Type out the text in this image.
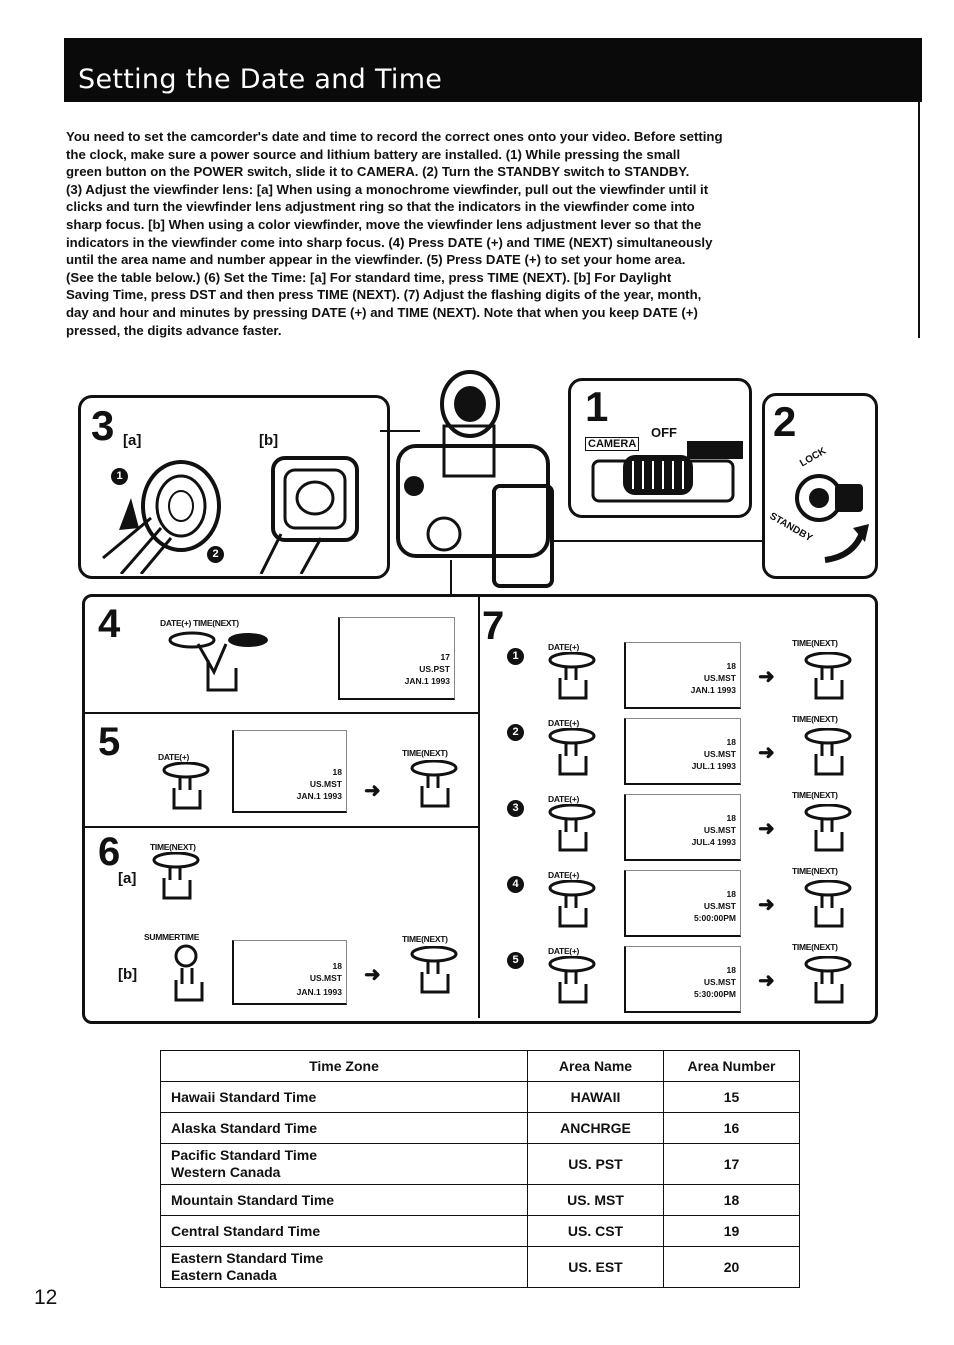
Setting the Date and Time
You need to set the camcorder's date and time to record the correct ones onto your video. Before setting
the clock, make sure a power source and lithium battery are installed. (1) While pressing the small
green button on the POWER switch, slide it to CAMERA. (2) Turn the STANDBY switch to STANDBY.
(3) Adjust the viewfinder lens: [a] When using a monochrome viewfinder, pull out the viewfinder until it
clicks and turn the viewfinder lens adjustment ring so that the indicators in the viewfinder come into
sharp focus. [b] When using a color viewfinder, move the viewfinder lens adjustment lever so that the
indicators in the viewfinder come into sharp focus. (4) Press DATE (+) and TIME (NEXT) simultaneously
until the area name and number appear in the viewfinder. (5) Press DATE (+) to set your home area.
(See the table below.) (6) Set the Time: [a] For standard time, press TIME (NEXT). [b] For Daylight
Saving Time, press DST and then press TIME (NEXT). (7) Adjust the flashing digits of the year, month,
day and hour and minutes by pressing DATE (+) and TIME (NEXT). Note that when you keep DATE (+)
pressed, the digits advance faster.
3 [a]	[b]
1
2
1
CAMERA
OFF 2
LOCK
STANDBY
4	DATE(+) TIME(NEXT)
17
US.PST
JAN.1 1993
5	DATE(+)
18
US.MST
JAN.1 1993 ➜
TIME(NEXT)
6	TIME(NEXT)
[a]
SUMMERTIME
[b]	18
US.MST
JAN.1 1993
➜
TIME(NEXT)
7
1
DATE(+)
18
US.MST
JAN.1 1993
➜
TIME(NEXT)
2
DATE(+)
18
US.MST
JUL.1 1993
➜
TIME(NEXT)
3
DATE(+)
18
US.MST
JUL.4 1993
➜
TIME(NEXT)
4
DATE(+)
18
US.MST
5:00:00PM
➜
TIME(NEXT)
5
DATE(+)
18
US.MST
5:30:00PM
➜
TIME(NEXT)
Time Zone	Area Name	Area Number
Hawaii Standard Time	HAWAII	15
Alaska Standard Time	ANCHRGE	16
Pacific Standard Time
Western Canada	US. PST	17
Mountain Standard Time	US. MST	18
Central Standard Time	US. CST	19
Eastern Standard Time
Eastern Canada	US. EST	20
12
